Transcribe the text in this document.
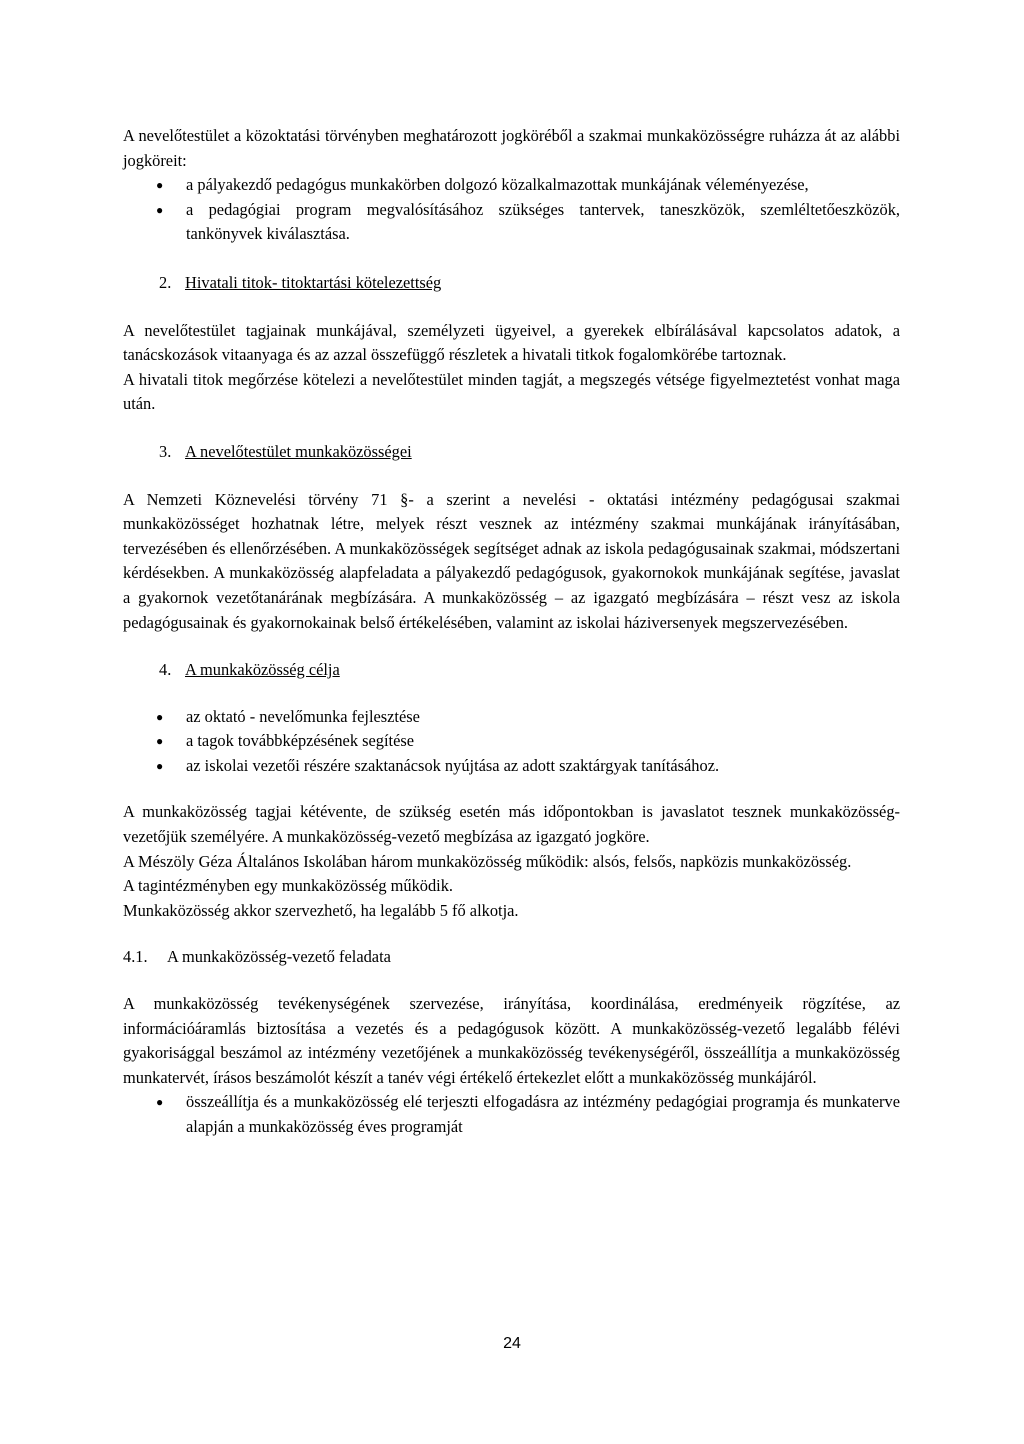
A nevelőtestület a közoktatási törvényben meghatározott jogköréből a szakmai munkaközösségre ruházza át az alábbi jogköreit:

● a pályakezdő pedagógus munkakörben dolgozó közalkalmazottak munkájának véleményezése,
● a pedagógiai program megvalósításához szükséges tantervek, taneszközök, szemléltetőeszközök, tankönyvek kiválasztása.
2. Hivatali titok- titoktartási kötelezettség

A nevelőtestület tagjainak munkájával, személyzeti ügyeivel, a gyerekek elbírálásával kapcsolatos adatok, a tanácskozások vitaanyaga és az azzal összefüggő részletek a hivatali titkok fogalomkörébe tartoznak.

A hivatali titok megőrzése kötelezi a nevelőtestület minden tagját, a megszegés vétsége figyelmeztetést vonhat maga után.

3. A nevelőtestület munkaközösségei

A Nemzeti Köznevelési törvény 71 §- a szerint a nevelési - oktatási intézmény pedagógusai szakmai munkaközösséget hozhatnak létre, melyek részt vesznek az intézmény szakmai munkájának irányításában, tervezésében és ellenőrzésében. A munkaközösségek segítséget adnak az iskola pedagógusainak szakmai, módszertani kérdésekben. A munkaközösség alapfeladata a pályakezdő pedagógusok, gyakornokok munkájának segítése, javaslat a gyakornok vezetőtanárának megbízására. A munkaközösség – az igazgató megbízására – részt vesz az iskola pedagógusainak és gyakornokainak belső értékelésében, valamint az iskolai háziversenyek megszervezésében.

4. A munkaközösség célja
● az oktató - nevelőmunka fejlesztése
● a tagok továbbképzésének segítése
● az iskolai vezetői részére szaktanácsok nyújtása az adott szaktárgyak tanításához.

A munkaközösség tagjai kétévente, de szükség esetén más időpontokban is javaslatot tesznek munkaközösség-vezetőjük személyére. A munkaközösség-vezető megbízása az igazgató jogköre.

A Mészöly Géza Általános Iskolában három munkaközösség működik: alsós, felsős, napközis munkaközösség.

A tagintézményben egy munkaközösség működik.

Munkaközösség akkor szervezhető, ha legalább 5 fő alkotja.

4.1. A munkaközösség-vezető feladata

A munkaközösség tevékenységének szervezése, irányítása, koordinálása, eredményeik rögzítése, az információáramlás biztosítása a vezetés és a pedagógusok között. A munkaközösség-vezető legalább félévi gyakorisággal beszámol az intézmény vezetőjének a munkaközösség tevékenységéről, összeállítja a munkaközösség munkatervét, írásos beszámolót készít a tanév végi értékelő értekezlet előtt a munkaközösség munkájáról.

● összeállítja és a munkaközösség elé terjeszti elfogadásra az intézmény pedagógiai programja és munkaterve alapján a munkaközösség éves programját
24
